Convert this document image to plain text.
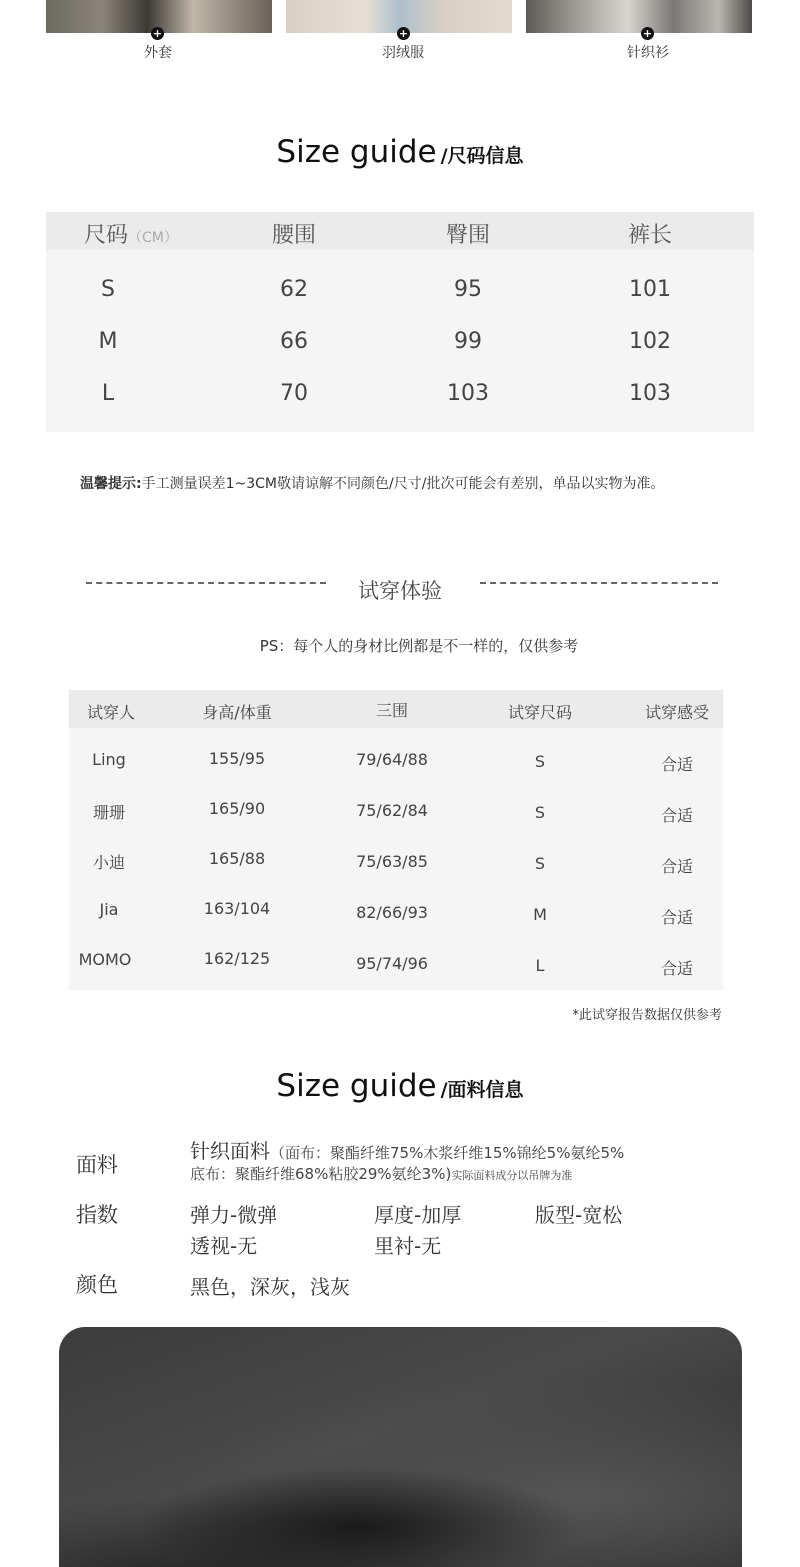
+	+	+
外套	羽绒服	针织衫
Size guide /尺码信息
尺码（CM）	腰围	臀围	裤长
S	62	95	101
M	66	99	102
L	70	103	103
温馨提示:手工测量误差1~3CM敬请谅解不同颜色/尺寸/批次可能会有差别，单品以实物为准。
试穿体验
PS：每个人的身材比例都是不一样的，仅供参考
试穿人	身高/体重	三围	试穿尺码	试穿感受
Ling	155/95	79/64/88	S	合适
珊珊	165/90	75/62/84	S	合适
小迪	165/88	75/63/85	S	合适
Jia	163/104	82/66/93	M	合适
MOMO	162/125	95/74/96	L	合适
*此试穿报告数据仅供参考
Size guide /面料信息
面料
针织面料（面布：聚酯纤维75%木浆纤维15%锦纶5%氨纶5%
底布：聚酯纤维68%粘胶29%氨纶3%)实际面料成分以吊牌为准
指数	弹力-微弹	厚度-加厚	版型-宽松
透视-无	里衬-无
颜色	黑色，深灰，浅灰
